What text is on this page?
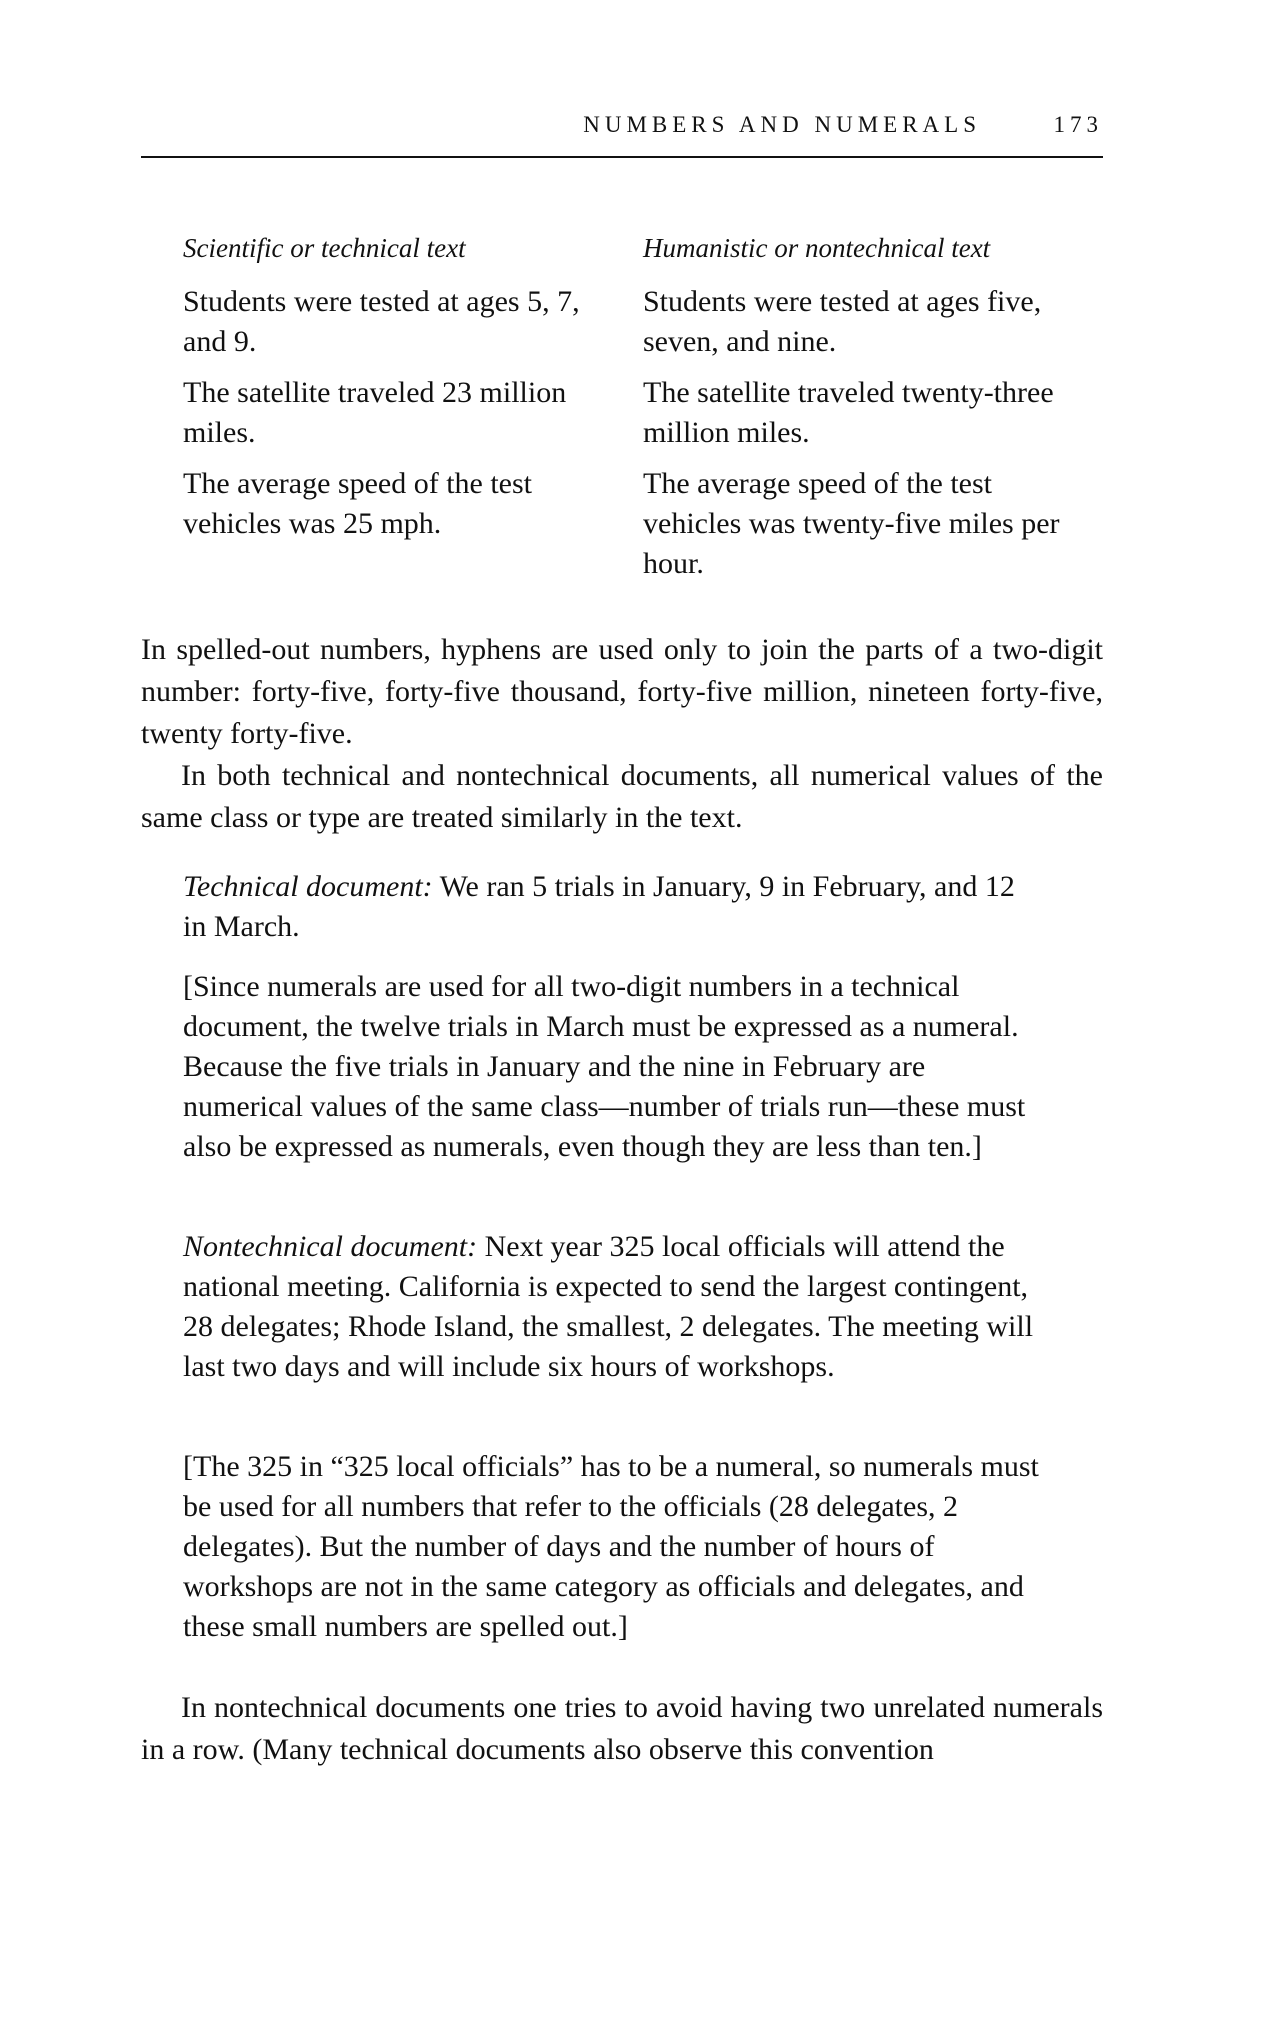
NUMBERS AND NUMERALS	173
Scientific or technical text
Students were tested at ages 5, 7, and 9.
The satellite traveled 23 million miles.
The average speed of the test vehicles was 25 mph.
Humanistic or nontechnical text
Students were tested at ages five, seven, and nine.
The satellite traveled twenty-three million miles.
The average speed of the test vehicles was twenty-five miles per hour.

In spelled-out numbers, hyphens are used only to join the parts of a two-digit number: forty-five, forty-five thousand, forty-five million, nineteen forty-five, twenty forty-five.

In both technical and nontechnical documents, all numerical values of the same class or type are treated similarly in the text.

Technical document: We ran 5 trials in January, 9 in February, and 12 in March.
[Since numerals are used for all two-digit numbers in a technical document, the twelve trials in March must be expressed as a numeral. Because the five trials in January and the nine in February are numerical values of the same class—number of trials run—these must also be expressed as numerals, even though they are less than ten.]
Nontechnical document: Next year 325 local officials will attend the national meeting. California is expected to send the largest contingent, 28 delegates; Rhode Island, the smallest, 2 delegates. The meeting will last two days and will include six hours of workshops.
[The 325 in “325 local officials” has to be a numeral, so numerals must be used for all numbers that refer to the officials (28 delegates, 2 delegates). But the number of days and the number of hours of workshops are not in the same category as officials and delegates, and these small numbers are spelled out.]

In nontechnical documents one tries to avoid having two unrelated numerals in a row. (Many technical documents also observe this convention
